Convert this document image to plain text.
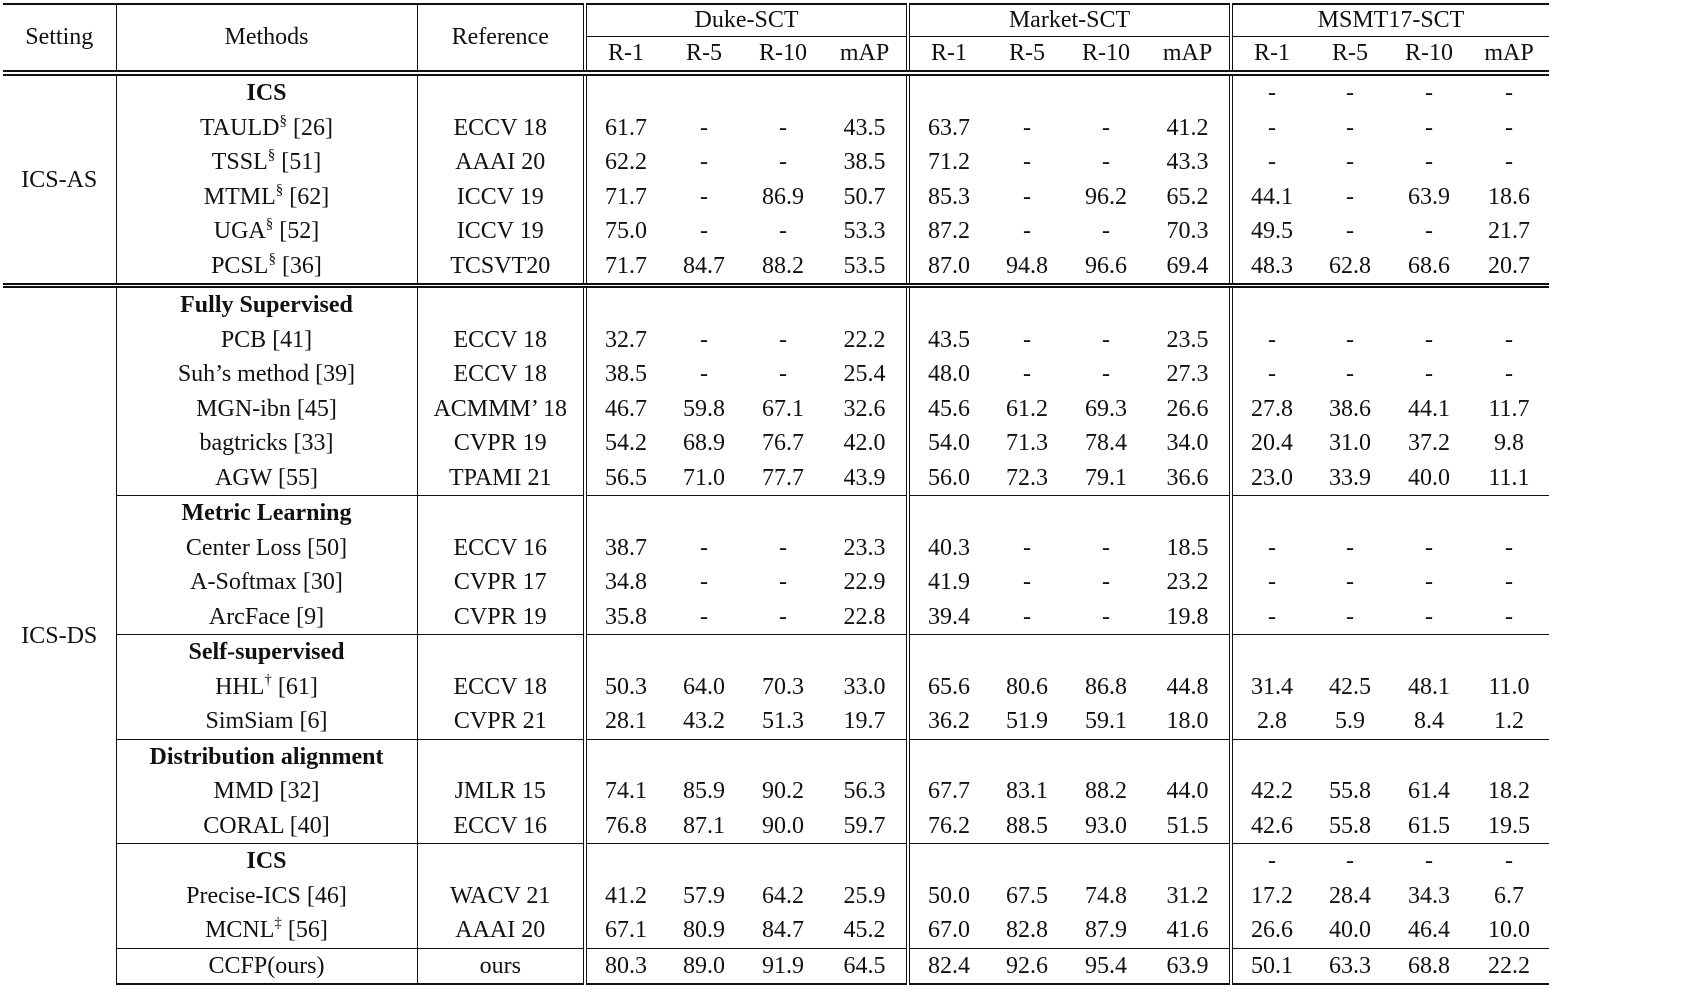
Setting	Methods	Reference	Duke-SCT				Market-SCT				MSMT17-SCT			
			R-1	R-5	R-10	mAP	R-1	R-5	R-10	mAP	R-1	R-5	R-10	mAP
ICS-AS	ICS										-	-	-	-
	TAULD§ [26]	ECCV 18	61.7	-	-	43.5	63.7	-	-	41.2	-	-	-	-
	TSSL§ [51]	AAAI 20	62.2	-	-	38.5	71.2	-	-	43.3	-	-	-	-
	MTML§ [62]	ICCV 19	71.7	-	86.9	50.7	85.3	-	96.2	65.2	44.1	-	63.9	18.6
	UGA§ [52]	ICCV 19	75.0	-	-	53.3	87.2	-	-	70.3	49.5	-	-	21.7
	PCSL§ [36]	TCSVT20	71.7	84.7	88.2	53.5	87.0	94.8	96.6	69.4	48.3	62.8	68.6	20.7
ICS-DS	Fully Supervised													
	PCB [41]	ECCV 18	32.7	-	-	22.2	43.5	-	-	23.5	-	-	-	-
	Suh’s method [39]	ECCV 18	38.5	-	-	25.4	48.0	-	-	27.3	-	-	-	-
	MGN-ibn [45]	ACMMM’ 18	46.7	59.8	67.1	32.6	45.6	61.2	69.3	26.6	27.8	38.6	44.1	11.7
	bagtricks [33]	CVPR 19	54.2	68.9	76.7	42.0	54.0	71.3	78.4	34.0	20.4	31.0	37.2	9.8
	AGW [55]	TPAMI 21	56.5	71.0	77.7	43.9	56.0	72.3	79.1	36.6	23.0	33.9	40.0	11.1
	Metric Learning													
	Center Loss [50]	ECCV 16	38.7	-	-	23.3	40.3	-	-	18.5	-	-	-	-
	A-Softmax [30]	CVPR 17	34.8	-	-	22.9	41.9	-	-	23.2	-	-	-	-
	ArcFace [9]	CVPR 19	35.8	-	-	22.8	39.4	-	-	19.8	-	-	-	-
	Self-supervised													
	HHL† [61]	ECCV 18	50.3	64.0	70.3	33.0	65.6	80.6	86.8	44.8	31.4	42.5	48.1	11.0
	SimSiam [6]	CVPR 21	28.1	43.2	51.3	19.7	36.2	51.9	59.1	18.0	2.8	5.9	8.4	1.2
	Distribution alignment													
	MMD [32]	JMLR 15	74.1	85.9	90.2	56.3	67.7	83.1	88.2	44.0	42.2	55.8	61.4	18.2
	CORAL [40]	ECCV 16	76.8	87.1	90.0	59.7	76.2	88.5	93.0	51.5	42.6	55.8	61.5	19.5
	ICS										-	-	-	-
	Precise-ICS [46]	WACV 21	41.2	57.9	64.2	25.9	50.0	67.5	74.8	31.2	17.2	28.4	34.3	6.7
	MCNL‡ [56]	AAAI 20	67.1	80.9	84.7	45.2	67.0	82.8	87.9	41.6	26.6	40.0	46.4	10.0
	CCFP(ours)	ours	80.3	89.0	91.9	64.5	82.4	92.6	95.4	63.9	50.1	63.3	68.8	22.2
